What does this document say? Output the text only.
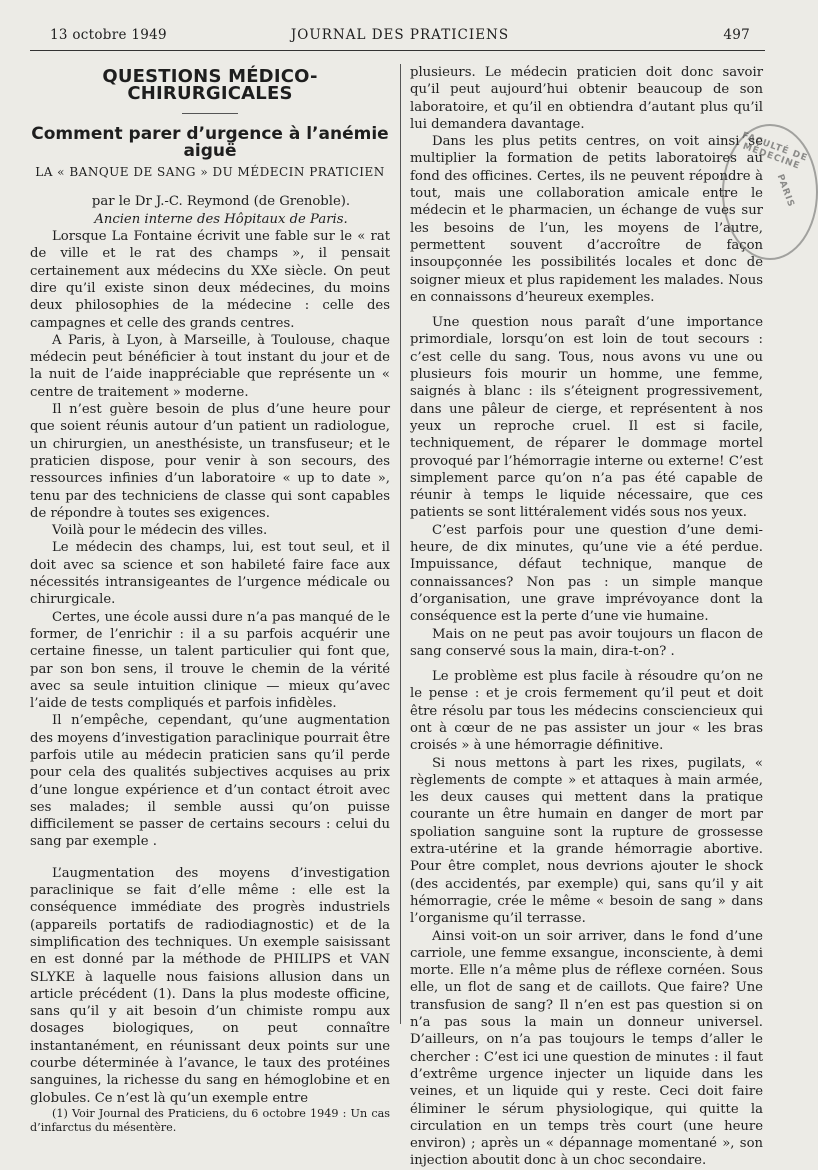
13 octobre 1949	JOURNAL DES PRATICIENS	497
QUESTIONS MÉDICO-CHIRURGICALES
Comment parer d’urgence à l’anémie aiguë
LA « BANQUE DE SANG » DU MÉDECIN PRATICIEN

par le Dr J.-C. Reymond (de Grenoble).

Ancien interne des Hôpitaux de Paris.

Lorsque La Fontaine écrivit une fable sur le « rat de ville et le rat des champs », il pensait certainement aux médecins du XXe siècle. On peut dire qu’il existe sinon deux médecines, du moins deux philosophies de la médecine : celle des campagnes et celle des grands centres.

A Paris, à Lyon, à Marseille, à Toulouse, chaque médecin peut bénéficier à tout instant du jour et de la nuit de l’aide inappréciable que représente un « centre de traitement » moderne.

Il n’est guère besoin de plus d’une heure pour que soient réunis autour d’un patient un radiologue, un chirurgien, un anesthésiste, un transfuseur; et le praticien dispose, pour venir à son secours, des ressources infinies d’un laboratoire « up to date », tenu par des techniciens de classe qui sont capables de répondre à toutes ses exigences.

Voilà pour le médecin des villes.

Le médecin des champs, lui, est tout seul, et il doit avec sa science et son habileté faire face aux nécessités intransigeantes de l’urgence médicale ou chirurgicale.

Certes, une école aussi dure n’a pas manqué de le former, de l’enrichir : il a su parfois acquérir une certaine finesse, un talent particulier qui font que, par son bon sens, il trouve le chemin de la vérité avec sa seule intuition clinique — mieux qu’avec l’aide de tests compliqués et parfois infidèles.

Il n’empêche, cependant, qu’une augmentation des moyens d’investigation paraclinique pourrait être parfois utile au médecin praticien sans qu’il perde pour cela des qualités subjectives acquises au prix d’une longue expérience et d’un contact étroit avec ses malades; il semble aussi qu’on puisse difficilement se passer de certains secours : celui du sang par exemple .

L’augmentation des moyens d’investigation paraclinique se fait d’elle même : elle est la conséquence immédiate des progrès industriels (appareils portatifs de radiodiagnostic) et de la simplification des techniques. Un exemple saisissant en est donné par la méthode de PHILIPS et VAN SLYKE à laquelle nous faisions allusion dans un article précédent (1). Dans la plus modeste officine, sans qu’il y ait besoin d’un chimiste rompu aux dosages biologiques, on peut connaître instantanément, en réunissant deux points sur une courbe déterminée à l’avance, le taux des protéines sanguines, la richesse du sang en hémoglobine et en globules. Ce n’est là qu’un exemple entre

(1) Voir Journal des Praticiens, du 6 octobre 1949 : Un cas d’infarctus du mésentère.

plusieurs. Le médecin praticien doit donc savoir qu’il peut aujourd’hui obtenir beaucoup de son laboratoire, et qu’il en obtiendra d’autant plus qu’il lui demandera davantage.

Dans les plus petits centres, on voit ainsi se multiplier la formation de petits laboratoires au fond des officines. Certes, ils ne peuvent répondre à tout, mais une collaboration amicale entre le médecin et le pharmacien, un échange de vues sur les besoins de l’un, les moyens de l’autre, permettent souvent d’accroître de façon insoupçonnée les possibilités locales et donc de soigner mieux et plus rapidement les malades. Nous en connaissons d’heureux exemples.

Une question nous paraît d’une importance primordiale, lorsqu’on est loin de tout secours : c’est celle du sang. Tous, nous avons vu une ou plusieurs fois mourir un homme, une femme, saignés à blanc : ils s’éteignent progressivement, dans une pâleur de cierge, et représentent à nos yeux un reproche cruel. Il est si facile, techniquement, de réparer le dommage mortel provoqué par l’hémorragie interne ou externe! C’est simplement parce qu’on n’a pas été capable de réunir à temps le liquide nécessaire, que ces patients se sont littéralement vidés sous nos yeux.

C’est parfois pour une question d’une demi-heure, de dix minutes, qu’une vie a été perdue. Impuissance, défaut technique, manque de connaissances? Non pas : un simple manque d’organisation, une grave imprévoyance dont la conséquence est la perte d’une vie humaine.

Mais on ne peut pas avoir toujours un flacon de sang conservé sous la main, dira-t-on? .

Le problème est plus facile à résoudre qu’on ne le pense : et je crois fermement qu’il peut et doit être résolu par tous les médecins consciencieux qui ont à cœur de ne pas assister un jour « les bras croisés » à une hémorragie définitive.

Si nous mettons à part les rixes, pugilats, « règlements de compte » et attaques à main armée, les deux causes qui mettent dans la pratique courante un être humain en danger de mort par spoliation sanguine sont la rupture de grossesse extra-utérine et la grande hémorragie abortive. Pour être complet, nous devrions ajouter le shock (des accidentés, par exemple) qui, sans qu’il y ait hémorragie, crée le même « besoin de sang » dans l’organisme qu’il terrasse.

Ainsi voit-on un soir arriver, dans le fond d’une carriole, une femme exsangue, inconsciente, à demi morte. Elle n’a même plus de réflexe cornéen. Sous elle, un flot de sang et de caillots. Que faire? Une transfusion de sang? Il n’en est pas question si on n’a pas sous la main un donneur universel. D’ailleurs, on n’a pas toujours le temps d’aller le chercher : C’est ici une question de minutes : il faut d’extrême urgence injecter un liquide dans les veines, et un liquide qui y reste. Ceci doit faire éliminer le sérum physiologique, qui quitte la circulation en un temps très court (une heure environ) ; après un « dépannage momentané », son injection aboutit donc à un choc secondaire.

FACULTÉ DE MÉDECINE
PARIS
